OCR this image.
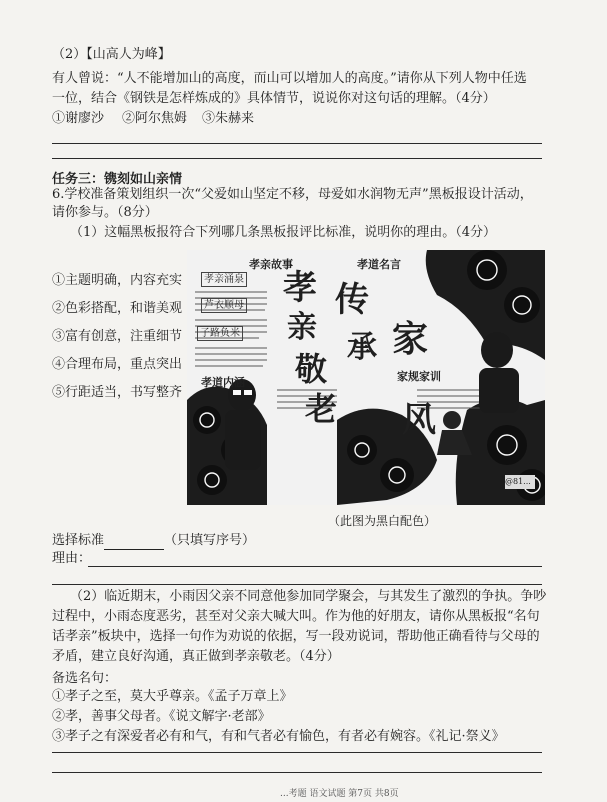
（2）【山高人为峰】
有人曾说：“人不能增加山的高度，而山可以增加人的高度。”请你从下列人物中任选
一位，结合《钢铁是怎样炼成的》具体情节，说说你对这句话的理解。（4分）
①谢廖沙 ②阿尔焦姆 ③朱赫来
任务三：镌刻如山亲情
6.学校准备策划组织一次“父爱如山坚定不移，母爱如水润物无声”黑板报设计活动，
请你参与。（8分）
（1）这幅黑板报符合下列哪几条黑板报评比标准，说明你的理由。（4分）
①主题明确，内容充实
②色彩搭配，和谐美观
③富有创意，注重细节
④合理布局，重点突出
⑤行距适当，书写整齐
孝亲故事	孝道名言
孝亲涌泉
芦衣顺母
子路负米
孝道内涵	家规家训
孝
亲
传
敬
承
老
家
风
@81...
（此图为黑白配色）
选择标准	（只填写序号）
理由：
（2）临近期末，小雨因父亲不同意他参加同学聚会，与其发生了激烈的争执。争吵
过程中，小雨态度恶劣，甚至对父亲大喊大叫。作为他的好朋友，请你从黑板报“名句
话孝亲”板块中，选择一句作为劝说的依据，写一段劝说词，帮助他正确看待与父母的
矛盾，建立良好沟通，真正做到孝亲敬老。（4分）
备选名句：
①孝子之至，莫大乎尊亲。《孟子万章上》
②孝，善事父母者。《说文解字·老部》
③孝子之有深爱者必有和气，有和气者必有愉色，有者必有婉容。《礼记·祭义》
...考题 语文试题 第7页 共8页
